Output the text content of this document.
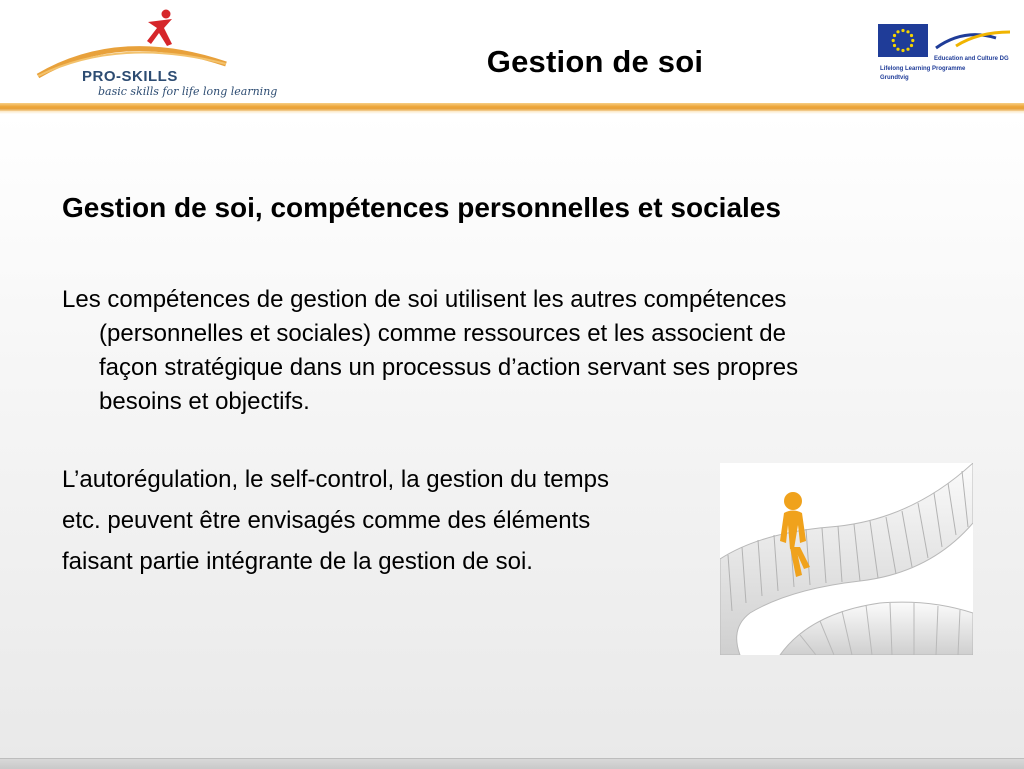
PRO-SKILLS
basic skills for life long learning
Gestion de soi	Education and Culture DG
Lifelong Learning Programme
Grundtvig
Gestion de soi, compétences personnelles et sociales
Les compétences de gestion de soi utilisent les autres compétences
(personnelles et sociales) comme ressources et les associent de
façon stratégique dans un processus d’action servant ses propres
besoins et objectifs.
L’autorégulation, le self-control, la gestion du temps
etc. peuvent être envisagés comme des éléments
faisant partie intégrante de la gestion de soi.
